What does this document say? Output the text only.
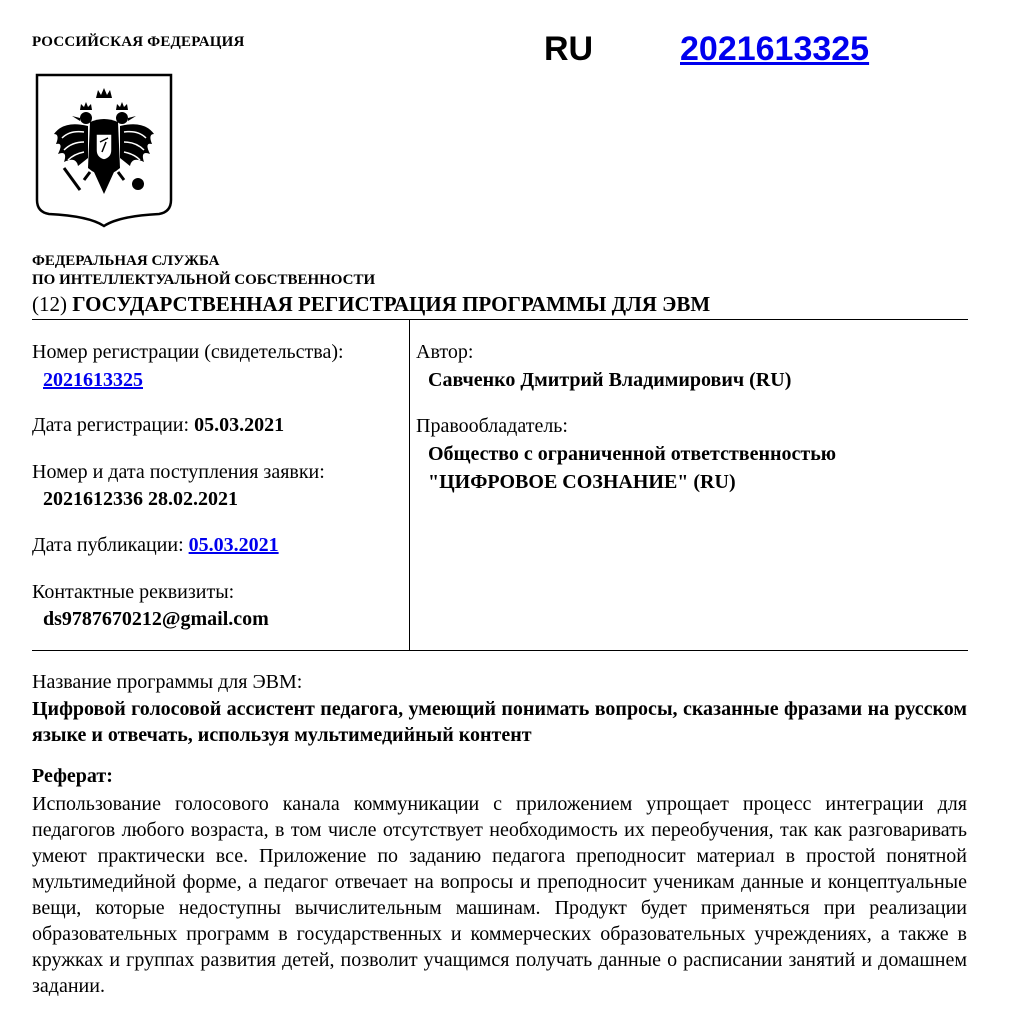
РОССИЙСКАЯ ФЕДЕРАЦИЯ	RU	2021613325
ФЕДЕРАЛЬНАЯ СЛУЖБА
ПО ИНТЕЛЛЕКТУАЛЬНОЙ СОБСТВЕННОСТИ
(12) ГОСУДАРСТВЕННАЯ РЕГИСТРАЦИЯ ПРОГРАММЫ ДЛЯ ЭВМ
Номер регистрации (свидетельства):
2021613325
Дата регистрации: 05.03.2021
Номер и дата поступления заявки:
2021612336 28.02.2021
Дата публикации: 05.03.2021
Контактные реквизиты:
ds9787670212@gmail.com
Автор:
Савченко Дмитрий Владимирович (RU)
Правообладатель:
Общество с ограниченной ответственностью
"ЦИФРОВОЕ СОЗНАНИЕ" (RU)
Название программы для ЭВМ:
Цифровой голосовой ассистент педагога, умеющий понимать вопросы, сказанные фразами на русском языке и отвечать, используя мультимедийный контент
Реферат:
Использование голосового канала коммуникации с приложением упрощает процесс интеграции для педагогов любого возраста, в том числе отсутствует необходимость их переобучения, так как разговаривать умеют практически все. Приложение по заданию педагога преподносит материал в простой понятной мультимедийной форме, а педагог отвечает на вопросы и преподносит ученикам данные и концептуальные вещи, которые недоступны вычислительным машинам. Продукт будет применяться при реализации образовательных программ в государственных и коммерческих образовательных учреждениях, а также в кружках и группах развития детей, позволит учащимся получать данные о расписании занятий и домашнем задании.
